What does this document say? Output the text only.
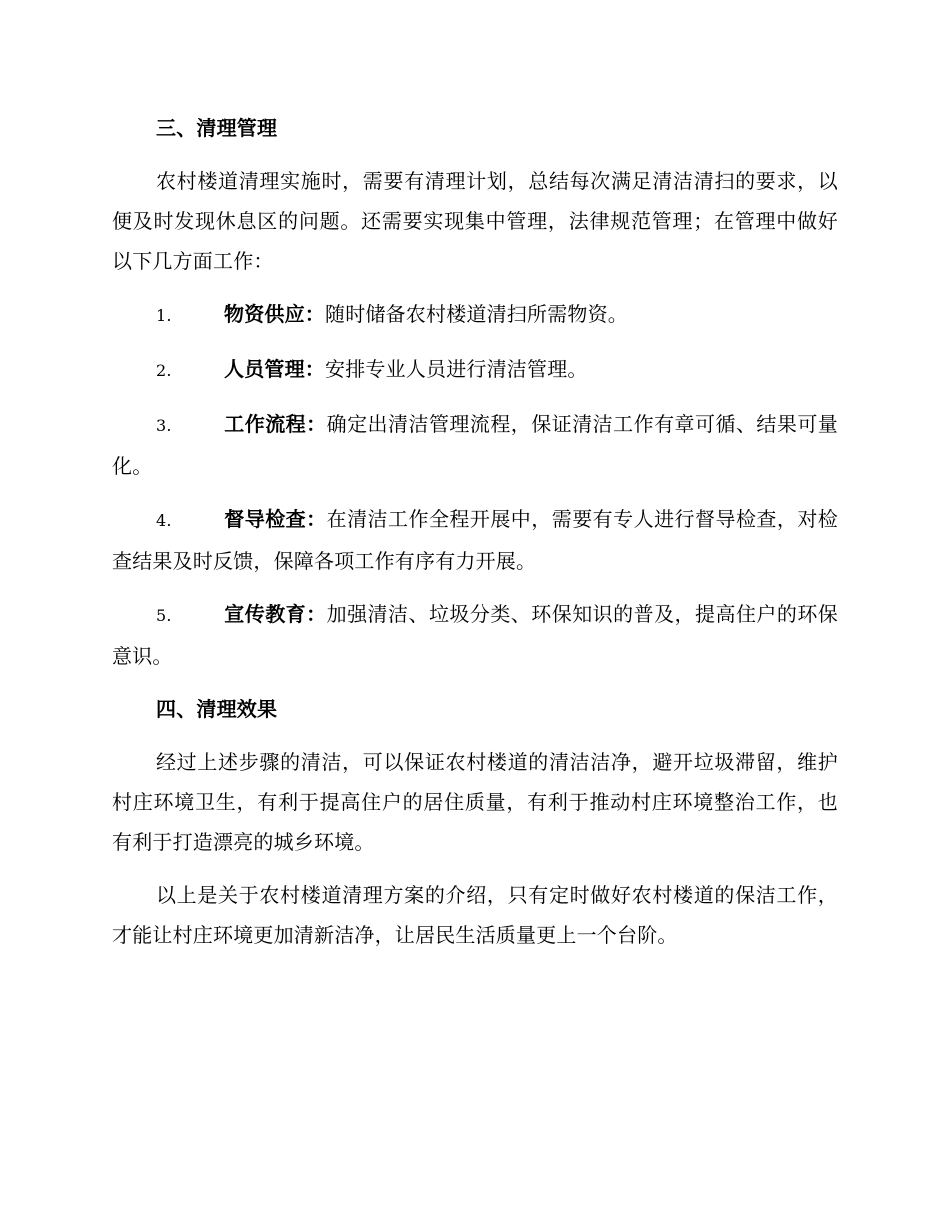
三、清理管理
农村楼道清理实施时，需要有清理计划，总结每次满足清洁清扫的要求，以便及时发现休息区的问题。还需要实现集中管理，法律规范管理；在管理中做好以下几方面工作：
1.	物资供应：随时储备农村楼道清扫所需物资。
2.	人员管理：安排专业人员进行清洁管理。
3.	工作流程：确定出清洁管理流程，保证清洁工作有章可循、结果可量化。
4.	督导检查：在清洁工作全程开展中，需要有专人进行督导检查，对检查结果及时反馈，保障各项工作有序有力开展。
5.	宣传教育：加强清洁、垃圾分类、环保知识的普及，提高住户的环保意识。
四、清理效果
经过上述步骤的清洁，可以保证农村楼道的清洁洁净，避开垃圾滞留，维护村庄环境卫生，有利于提高住户的居住质量，有利于推动村庄环境整治工作，也有利于打造漂亮的城乡环境。
以上是关于农村楼道清理方案的介绍，只有定时做好农村楼道的保洁工作，才能让村庄环境更加清新洁净，让居民生活质量更上一个台阶。
